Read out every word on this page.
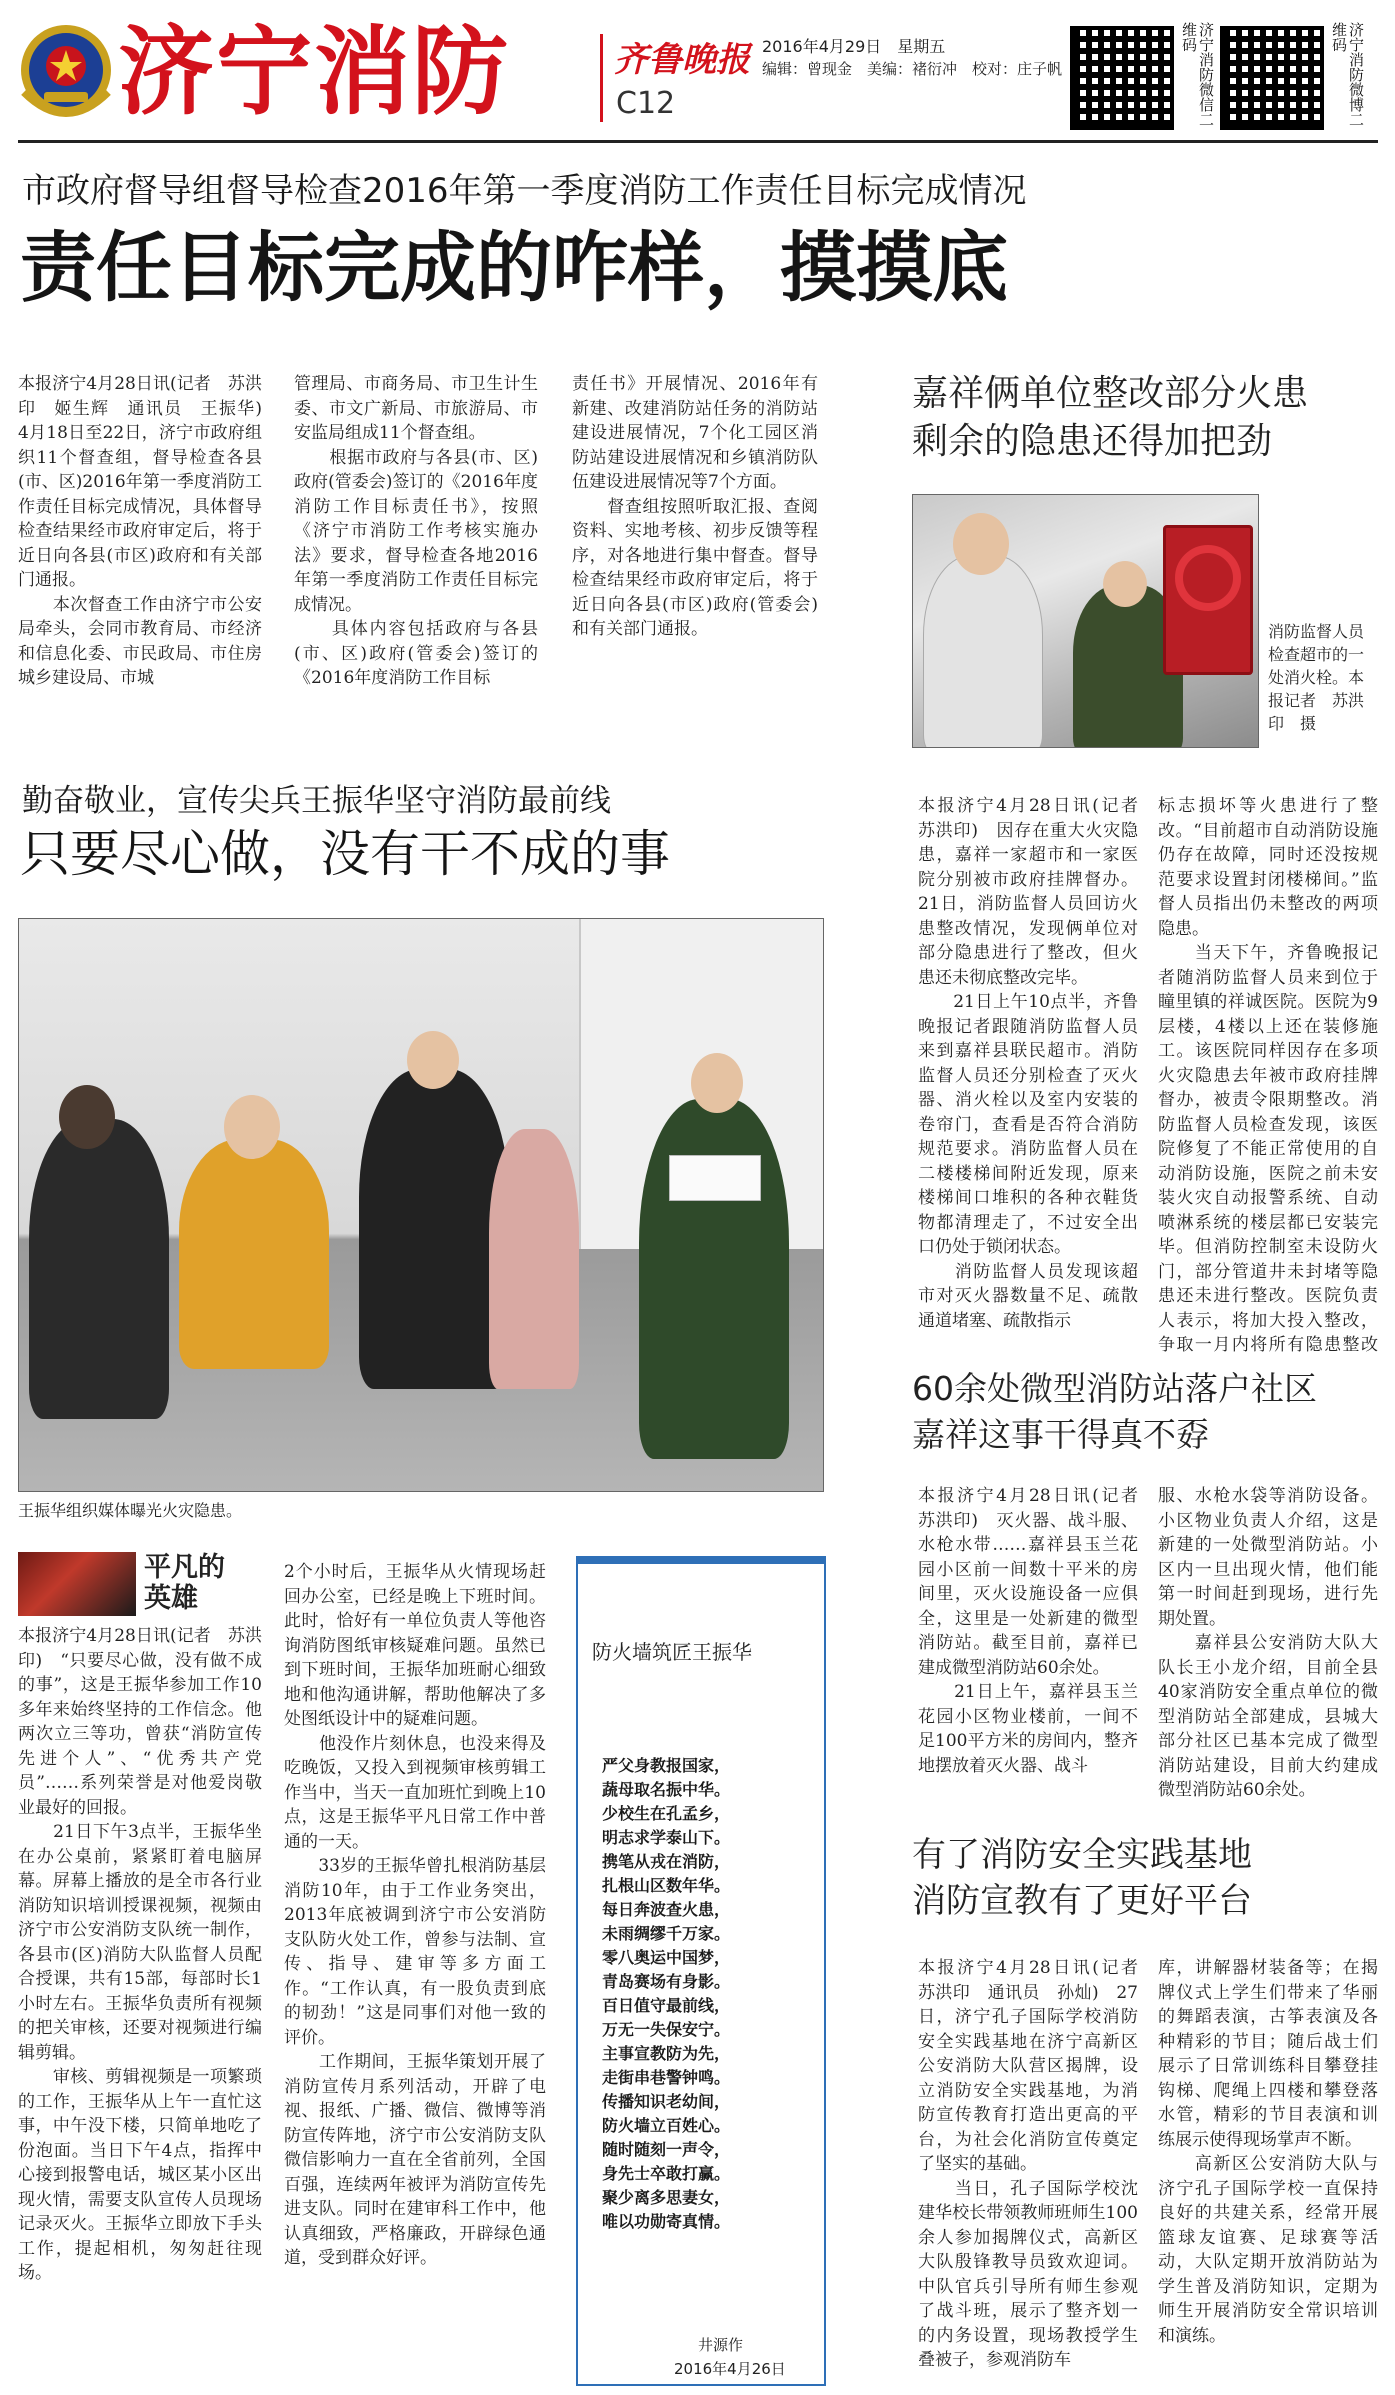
济宁消防	齐鲁晚报
C12
2016年4月29日　星期五
编辑：曾现金　美编：褚衍冲　校对：庄子帆	济宁消防微信二维码	济宁消防微博二维码
市政府督导组督导检查2016年第一季度消防工作责任目标完成情况
责任目标完成的咋样，摸摸底
本报济宁4月28日讯(记者　苏洪印　姬生辉　通讯员　王振华)　4月18日至22日，济宁市政府组织11个督查组，督导检查各县(市、区)2016年第一季度消防工作责任目标完成情况，具体督导检查结果经市政府审定后，将于近日向各县(市区)政府和有关部门通报。
　　本次督查工作由济宁市公安局牵头，会同市教育局、市经济和信息化委、市民政局、市住房城乡建设局、市城
管理局、市商务局、市卫生计生委、市文广新局、市旅游局、市安监局组成11个督查组。
　　根据市政府与各县(市、区)政府(管委会)签订的《2016年度消防工作目标责任书》，按照《济宁市消防工作考核实施办法》要求，督导检查各地2016年第一季度消防工作责任目标完成情况。
　　具体内容包括政府与各县(市、区)政府(管委会)签订的《2016年度消防工作目标
责任书》开展情况、2016年有新建、改建消防站任务的消防站建设进展情况，7个化工园区消防站建设进展情况和乡镇消防队伍建设进展情况等7个方面。
　　督查组按照听取汇报、查阅资料、实地考核、初步反馈等程序，对各地进行集中督查。督导检查结果经市政府审定后，将于近日向各县(市区)政府(管委会)和有关部门通报。
嘉祥俩单位整改部分火患
剩余的隐患还得加把劲
消防监督人员检查超市的一处消火栓。本报记者　苏洪印　摄
本报济宁4月28日讯(记者　苏洪印)　因存在重大火灾隐患，嘉祥一家超市和一家医院分别被市政府挂牌督办。21日，消防监督人员回访火患整改情况，发现俩单位对部分隐患进行了整改，但火患还未彻底整改完毕。
　　21日上午10点半，齐鲁晚报记者跟随消防监督人员来到嘉祥县联民超市。消防监督人员还分别检查了灭火器、消火栓以及室内安装的卷帘门，查看是否符合消防规范要求。消防监督人员在二楼楼梯间附近发现，原来楼梯间口堆积的各种衣鞋货物都清理走了，不过安全出口仍处于锁闭状态。
　　消防监督人员发现该超市对灭火器数量不足、疏散通道堵塞、疏散指示
标志损坏等火患进行了整改。“目前超市自动消防设施仍存在故障，同时还没按规范要求设置封闭楼梯间。”监督人员指出仍未整改的两项隐患。
　　当天下午，齐鲁晚报记者随消防监督人员来到位于瞳里镇的祥诚医院。医院为9层楼，4楼以上还在装修施工。该医院同样因存在多项火灾隐患去年被市政府挂牌督办，被责令限期整改。消防监督人员检查发现，该医院修复了不能正常使用的自动消防设施，医院之前未安装火灾自动报警系统、自动喷淋系统的楼层都已安装完毕。但消防控制室未设防火门，部分管道井未封堵等隐患还未进行整改。医院负责人表示，将加大投入整改，争取一月内将所有隐患整改
勤奋敬业，宣传尖兵王振华坚守消防最前线
只要尽心做，没有干不成的事
王振华组织媒体曝光火灾隐患。
平凡的英雄
本报济宁4月28日讯(记者　苏洪印)　“只要尽心做，没有做不成的事”，这是王振华参加工作10多年来始终坚持的工作信念。他两次立三等功，曾获“消防宣传先进个人”、“优秀共产党员”……系列荣誉是对他爱岗敬业最好的回报。
　　21日下午3点半，王振华坐在办公桌前，紧紧盯着电脑屏幕。屏幕上播放的是全市各行业消防知识培训授课视频，视频由济宁市公安消防支队统一制作，各县市(区)消防大队监督人员配合授课，共有15部，每部时长1小时左右。王振华负责所有视频的把关审核，还要对视频进行编辑剪辑。
　　审核、剪辑视频是一项繁琐的工作，王振华从上午一直忙这事，中午没下楼，只简单地吃了份泡面。当日下午4点，指挥中心接到报警电话，城区某小区出现火情，需要支队宣传人员现场记录灭火。王振华立即放下手头工作，提起相机，匆匆赶往现场。
2个小时后，王振华从火情现场赶回办公室，已经是晚上下班时间。此时，恰好有一单位负责人等他咨询消防图纸审核疑难问题。虽然已到下班时间，王振华加班耐心细致地和他沟通讲解，帮助他解决了多处图纸设计中的疑难问题。
　　他没作片刻休息，也没来得及吃晚饭，又投入到视频审核剪辑工作当中，当天一直加班忙到晚上10点，这是王振华平凡日常工作中普通的一天。
　　33岁的王振华曾扎根消防基层消防10年，由于工作业务突出，2013年底被调到济宁市公安消防支队防火处工作，曾参与法制、宣传、指导、建审等多方面工作。“工作认真，有一股负责到底的韧劲！”这是同事们对他一致的评价。
　　工作期间，王振华策划开展了消防宣传月系列活动，开辟了电视、报纸、广播、微信、微博等消防宣传阵地，济宁市公安消防支队微信影响力一直在全省前列，全国百强，连续两年被评为消防宣传先进支队。同时在建审科工作中，他认真细致，严格廉政，开辟绿色通道，受到群众好评。
防火墙筑匠王振华
严父身教报国家，
蔬母取名振中华。
少校生在孔孟乡，
明志求学泰山下。
携笔从戎在消防，
扎根山区数年华。
每日奔波查火患，
未雨绸缪千万家。
零八奥运中国梦，
青岛赛场有身影。
百日值守最前线，
万无一失保安宁。
主事宣教防为先，
走街串巷警钟鸣。
传播知识老幼间，
防火墙立百姓心。
随时随刻一声令，
身先士卒敢打赢。
聚少离多思妻女，
唯以功勋寄真情。
井源作
2016年4月26日
60余处微型消防站落户社区
嘉祥这事干得真不孬
本报济宁4月28日讯(记者　苏洪印)　灭火器、战斗服、水枪水带……嘉祥县玉兰花园小区前一间数十平米的房间里，灭火设施设备一应俱全，这里是一处新建的微型消防站。截至目前，嘉祥已建成微型消防站60余处。
　　21日上午，嘉祥县玉兰花园小区物业楼前，一间不足100平方米的房间内，整齐地摆放着灭火器、战斗
服、水枪水袋等消防设备。小区物业负责人介绍，这是新建的一处微型消防站。小区内一旦出现火情，他们能第一时间赶到现场，进行先期处置。
　　嘉祥县公安消防大队大队长王小龙介绍，目前全县40家消防安全重点单位的微型消防站全部建成，县城大部分社区已基本完成了微型消防站建设，目前大约建成微型消防站60余处。
有了消防安全实践基地
消防宣教有了更好平台
本报济宁4月28日讯(记者　苏洪印　通讯员　孙灿)　27日，济宁孔子国际学校消防安全实践基地在济宁高新区公安消防大队营区揭牌，设立消防安全实践基地，为消防宣传教育打造出更高的平台，为社会化消防宣传奠定了坚实的基础。
　　当日，孔子国际学校沈建华校长带领教师班师生100余人参加揭牌仪式，高新区大队殷锋教导员致欢迎词。中队官兵引导所有师生参观了战斗班，展示了整齐划一的内务设置，现场教授学生叠被子，参观消防车
库，讲解器材装备等；在揭牌仪式上学生们带来了华丽的舞蹈表演，古筝表演及各种精彩的节目；随后战士们展示了日常训练科目攀登挂钩梯、爬绳上四楼和攀登落水管，精彩的节目表演和训练展示使得现场掌声不断。
　　高新区公安消防大队与济宁孔子国际学校一直保持良好的共建关系，经常开展篮球友谊赛、足球赛等活动，大队定期开放消防站为学生普及消防知识，定期为师生开展消防安全常识培训和演练。
